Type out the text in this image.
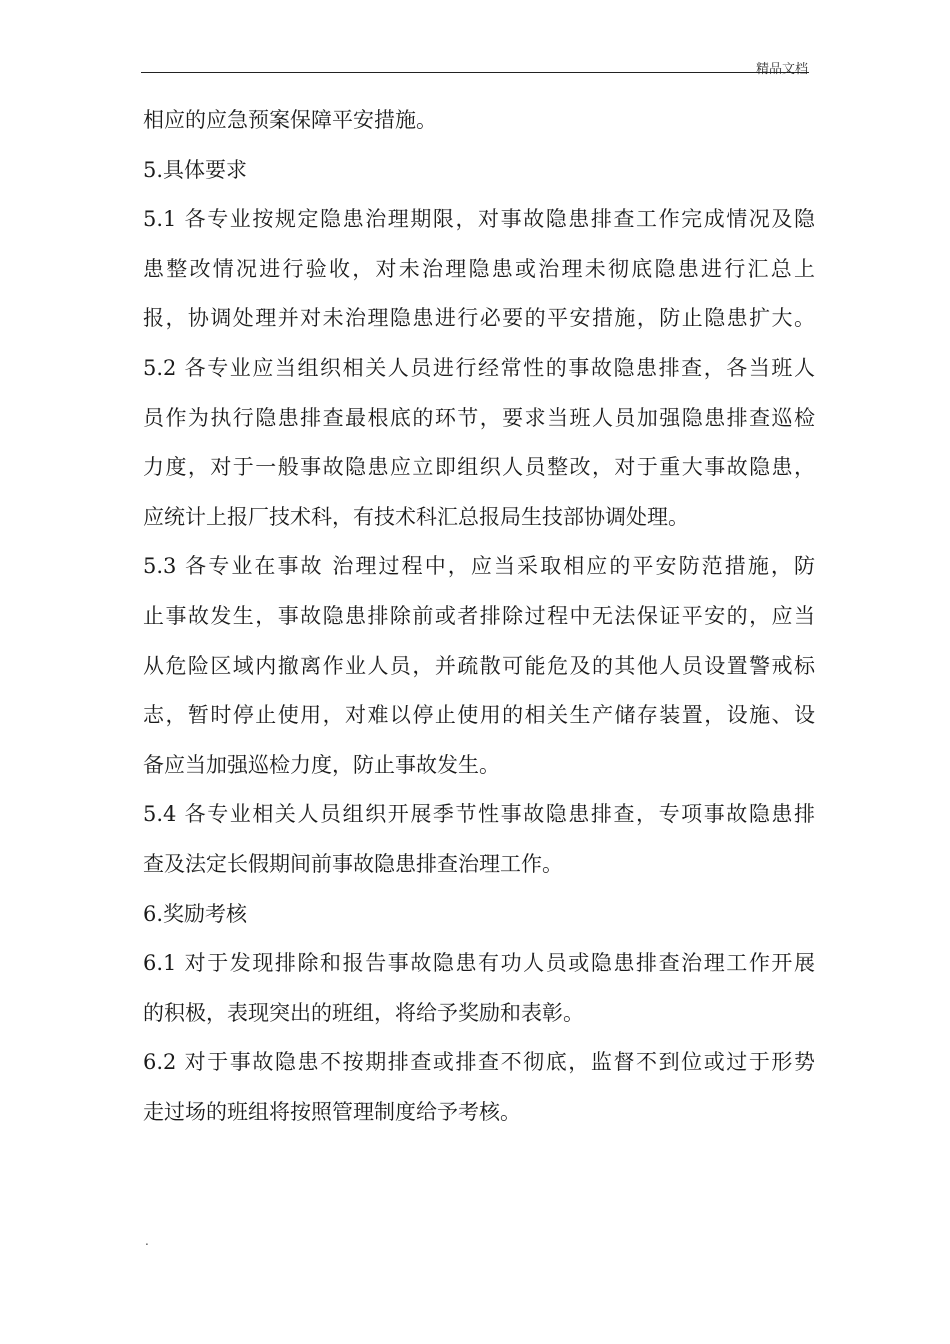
精品文档
相应的应急预案保障平安措施。
5.具体要求
5.1 各专业按规定隐患治理期限，对事故隐患排查工作完成情况及隐
患整改情况进行验收，对未治理隐患或治理未彻底隐患进行汇总上
报，协调处理并对未治理隐患进行必要的平安措施，防止隐患扩大。
5.2 各专业应当组织相关人员进行经常性的事故隐患排查，各当班人
员作为执行隐患排查最根底的环节，要求当班人员加强隐患排查巡检
力度，对于一般事故隐患应立即组织人员整改，对于重大事故隐患，
应统计上报厂技术科，有技术科汇总报局生技部协调处理。
5.3 各专业在事故 治理过程中，应当采取相应的平安防范措施，防
止事故发生，事故隐患排除前或者排除过程中无法保证平安的，应当
从危险区域内撤离作业人员，并疏散可能危及的其他人员设置警戒标
志，暂时停止使用，对难以停止使用的相关生产储存装置，设施、设
备应当加强巡检力度，防止事故发生。
5.4 各专业相关人员组织开展季节性事故隐患排查，专项事故隐患排
查及法定长假期间前事故隐患排查治理工作。
6.奖励考核
6.1 对于发现排除和报告事故隐患有功人员或隐患排查治理工作开展
的积极，表现突出的班组，将给予奖励和表彰。
6.2 对于事故隐患不按期排查或排查不彻底，监督不到位或过于形势
走过场的班组将按照管理制度给予考核。
.
